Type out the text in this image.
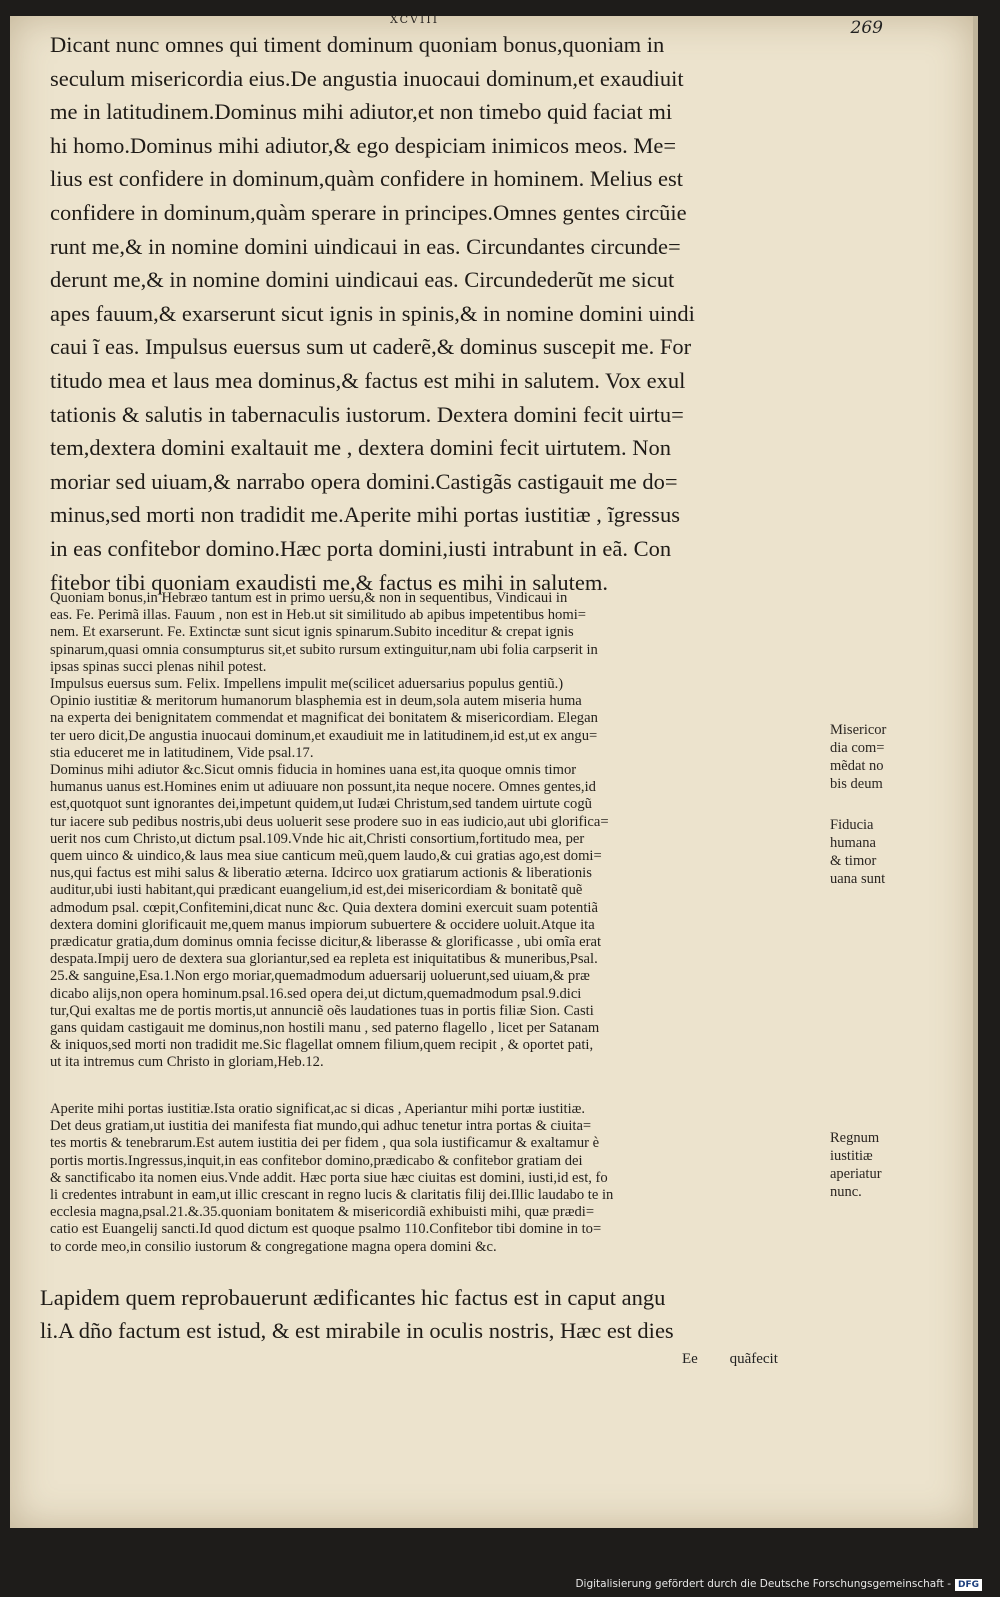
XCVIII	269
Dicant nunc omnes qui timent dominum quoniam bonus,quoniam in
seculum misericordia eius.De angustia inuocaui dominum,et exaudiuit
me in latitudinem.Dominus mihi adiutor,et non timebo quid faciat mi
hi homo.Dominus mihi adiutor,& ego despiciam inimicos meos. Me=
lius est confidere in dominum,quàm confidere in hominem. Melius est
confidere in dominum,quàm sperare in principes.Omnes gentes circũie
runt me,& in nomine domini uindicaui in eas. Circundantes circunde=
derunt me,& in nomine domini uindicaui eas. Circundederũt me sicut
apes fauum,& exarserunt sicut ignis in spinis,& in nomine domini uindi
caui ĩ eas. Impulsus euersus sum ut caderẽ,& dominus suscepit me. For
titudo mea et laus mea dominus,& factus est mihi in salutem. Vox exul
tationis & salutis in tabernaculis iustorum. Dextera domini fecit uirtu=
tem,dextera domini exaltauit me , dextera domini fecit uirtutem. Non
moriar sed uiuam,& narrabo opera domini.Castigãs castigauit me do=
minus,sed morti non tradidit me.Aperite mihi portas iustitiæ , ĩgressus
in eas confitebor domino.Hæc porta domini,iusti intrabunt in eã. Con
fitebor tibi quoniam exaudisti me,& factus es mihi in salutem.
Quoniam bonus,in Hebræo tantum est in primo uersu,& non in sequentibus, Vindicaui in
eas. Fe. Perimã illas. Fauum , non est in Heb.ut sit similitudo ab apibus impetentibus homi=
nem. Et exarserunt. Fe. Extinctæ sunt sicut ignis spinarum.Subito inceditur & crepat ignis
spinarum,quasi omnia consumpturus sit,et subito rursum extinguitur,nam ubi folia carpserit in
ipsas spinas succi plenas nihil potest.
Impulsus euersus sum. Felix. Impellens impulit me(scilicet aduersarius populus gentiũ.)
Opinio iustitiæ & meritorum humanorum blasphemia est in deum,sola autem miseria huma
na experta dei benignitatem commendat et magnificat dei bonitatem & misericordiam. Elegan
ter uero dicit,De angustia inuocaui dominum,et exaudiuit me in latitudinem,id est,ut ex angu=
stia educeret me in latitudinem, Vide psal.17.
Dominus mihi adiutor &c.Sicut omnis fiducia in homines uana est,ita quoque omnis timor
humanus uanus est.Homines enim ut adiuuare non possunt,ita neque nocere. Omnes gentes,id
est,quotquot sunt ignorantes dei,impetunt quidem,ut Iudæi Christum,sed tandem uirtute cogũ
tur iacere sub pedibus nostris,ubi deus uoluerit sese prodere suo in eas iudicio,aut ubi glorifica=
uerit nos cum Christo,ut dictum psal.109.Vnde hic ait,Christi consortium,fortitudo mea, per
quem uinco & uindico,& laus mea siue canticum meũ,quem laudo,& cui gratias ago,est domi=
nus,qui factus est mihi salus & liberatio æterna. Idcirco uox gratiarum actionis & liberationis
auditur,ubi iusti habitant,qui prædicant euangelium,id est,dei misericordiam & bonitatẽ quẽ
admodum psal. cœpit,Confitemini,dicat nunc &c. Quia dextera domini exercuit suam potentiã
dextera domini glorificauit me,quem manus impiorum subuertere & occidere uoluit.Atque ita
prædicatur gratia,dum dominus omnia fecisse dicitur,& liberasse & glorificasse , ubi omĩa erat
despata.Impij uero de dextera sua gloriantur,sed ea repleta est iniquitatibus & muneribus,Psal.
25.& sanguine,Esa.1.Non ergo moriar,quemadmodum aduersarij uoluerunt,sed uiuam,& præ
dicabo alijs,non opera hominum.psal.16.sed opera dei,ut dictum,quemadmodum psal.9.dici
tur,Qui exaltas me de portis mortis,ut annunciẽ oẽs laudationes tuas in portis filiæ Sion. Casti
gans quidam castigauit me dominus,non hostili manu , sed paterno flagello , licet per Satanam
& iniquos,sed morti non tradidit me.Sic flagellat omnem filium,quem recipit , & oportet pati,
ut ita intremus cum Christo in gloriam,Heb.12.
Aperite mihi portas iustitiæ.Ista oratio significat,ac si dicas , Aperiantur mihi portæ iustitiæ.
Det deus gratiam,ut iustitia dei manifesta fiat mundo,qui adhuc tenetur intra portas & ciuita=
tes mortis & tenebrarum.Est autem iustitia dei per fidem , qua sola iustificamur & exaltamur è
portis mortis.Ingressus,inquit,in eas confitebor domino,prædicabo & confitebor gratiam dei
& sanctificabo ita nomen eius.Vnde addit. Hæc porta siue hæc ciuitas est domini, iusti,id est, fo
li credentes intrabunt in eam,ut illic crescant in regno lucis & claritatis filij dei.Illic laudabo te in
ecclesia magna,psal.21.&.35.quoniam bonitatem & misericordiã exhibuisti mihi, quæ prædi=
catio est Euangelij sancti.Id quod dictum est quoque psalmo 110.Confitebor tibi domine in to=
to corde meo,in consilio iustorum & congregatione magna opera domini &c.
Lapidem quem reprobauerunt ædificantes hic factus est in caput angu
li.A dño factum est istud, & est mirabile in oculis nostris, Hæc est dies
Ee quãfecit
Misericor
dia com=
mẽdat no
bis deum
Fiducia
humana
& timor
uana sunt
Regnum
iustitiæ
aperiatur
nunc.
Digitalisierung gefördert durch die Deutsche Forschungsgemeinschaft - DFG
